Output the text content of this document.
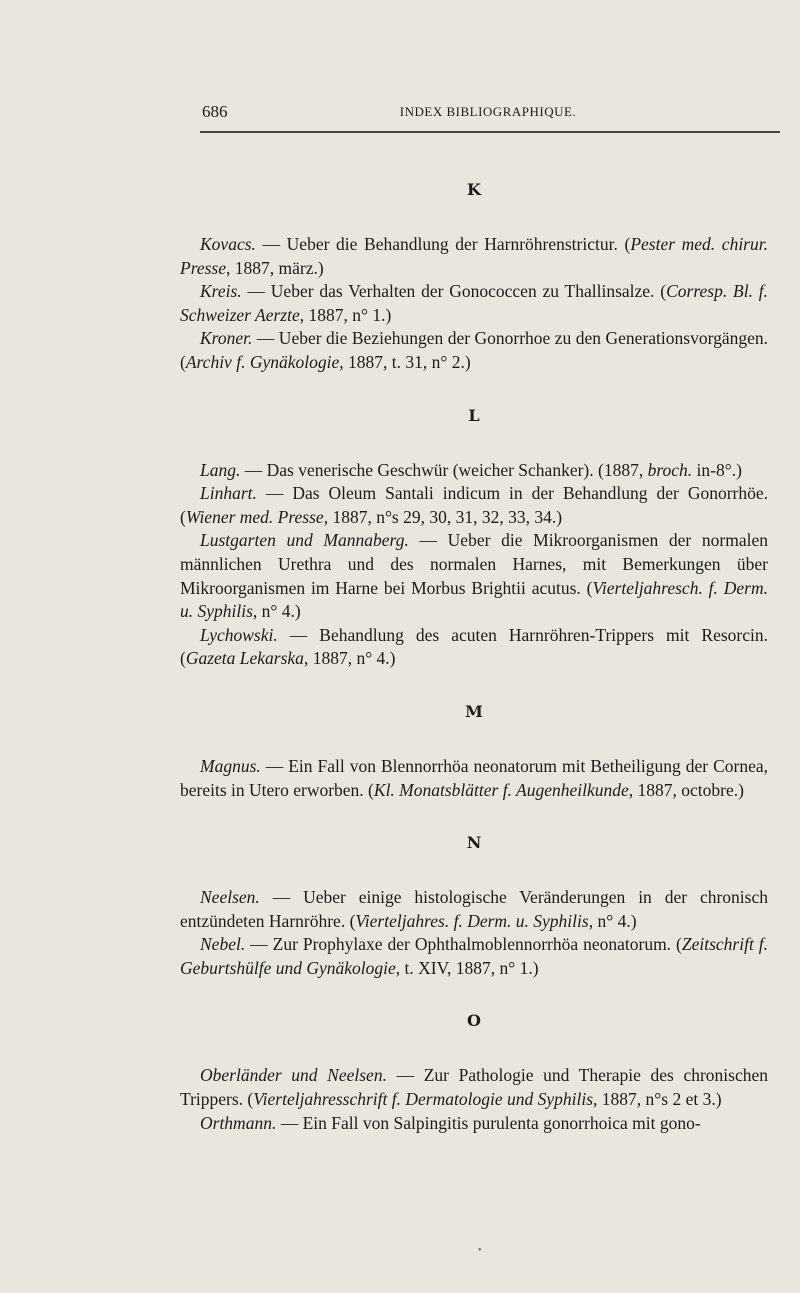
686	INDEX BIBLIOGRAPHIQUE.
K

Kovacs. — Ueber die Behandlung der Harnröhrenstrictur. (Pester med. chirur. Presse, 1887, märz.)

Kreis. — Ueber das Verhalten der Gonococcen zu Thallinsalze. (Corresp. Bl. f. Schweizer Aerzte, 1887, n° 1.)

Kroner. — Ueber die Beziehungen der Gonorrhoe zu den Generationsvorgängen. (Archiv f. Gynäkologie, 1887, t. 31, n° 2.)

L

Lang. — Das venerische Geschwür (weicher Schanker). (1887, broch. in-8°.)

Linhart. — Das Oleum Santali indicum in der Behandlung der Gonorrhöe. (Wiener med. Presse, 1887, n°s 29, 30, 31, 32, 33, 34.)

Lustgarten und Mannaberg. — Ueber die Mikroorganismen der normalen männlichen Urethra und des normalen Harnes, mit Bemerkungen über Mikroorganismen im Harne bei Morbus Brightii acutus. (Vierteljahresch. f. Derm. u. Syphilis, n° 4.)

Lychowski. — Behandlung des acuten Harnröhren-Trippers mit Resorcin. (Gazeta Lekarska, 1887, n° 4.)

M

Magnus. — Ein Fall von Blennorrhöa neonatorum mit Betheiligung der Cornea, bereits in Utero erworben. (Kl. Monatsblätter f. Augenheilkunde, 1887, octobre.)

N

Neelsen. — Ueber einige histologische Veränderungen in der chronisch entzündeten Harnröhre. (Vierteljahres. f. Derm. u. Syphilis, n° 4.)

Nebel. — Zur Prophylaxe der Ophthalmoblennorrhöa neonatorum. (Zeitschrift f. Geburtshülfe und Gynäkologie, t. XIV, 1887, n° 1.)

O

Oberländer und Neelsen. — Zur Pathologie und Therapie des chronischen Trippers. (Vierteljahresschrift f. Dermatologie und Syphilis, 1887, n°s 2 et 3.)

Orthmann. — Ein Fall von Salpingitis purulenta gonorrhoica mit gono-

•
